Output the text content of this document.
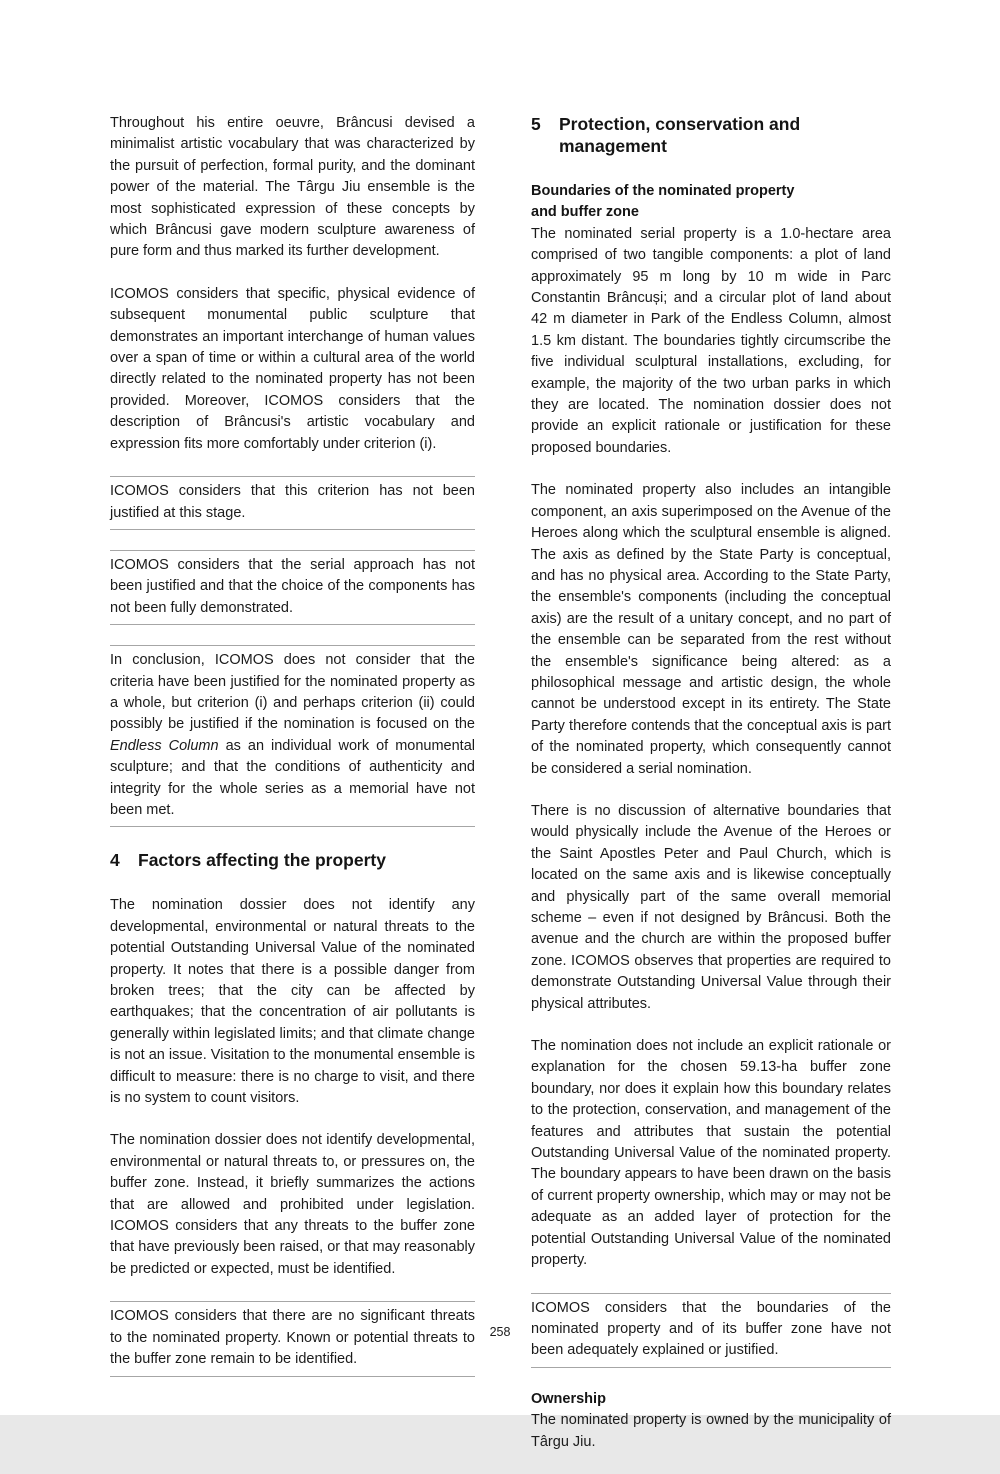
Throughout his entire oeuvre, Brâncusi devised a minimalist artistic vocabulary that was characterized by the pursuit of perfection, formal purity, and the dominant power of the material. The Târgu Jiu ensemble is the most sophisticated expression of these concepts by which Brâncusi gave modern sculpture awareness of pure form and thus marked its further development.

ICOMOS considers that specific, physical evidence of subsequent monumental public sculpture that demonstrates an important interchange of human values over a span of time or within a cultural area of the world directly related to the nominated property has not been provided. Moreover, ICOMOS considers that the description of Brâncusi's artistic vocabulary and expression fits more comfortably under criterion (i).

ICOMOS considers that this criterion has not been justified at this stage.
ICOMOS considers that the serial approach has not been justified and that the choice of the components has not been fully demonstrated.
In conclusion, ICOMOS does not consider that the criteria have been justified for the nominated property as a whole, but criterion (i) and perhaps criterion (ii) could possibly be justified if the nomination is focused on the Endless Column as an individual work of monumental sculpture; and that the conditions of authenticity and integrity for the whole series as a memorial have not been met.
4	Factors affecting the property

The nomination dossier does not identify any developmental, environmental or natural threats to the potential Outstanding Universal Value of the nominated property. It notes that there is a possible danger from broken trees; that the city can be affected by earthquakes; that the concentration of air pollutants is generally within legislated limits; and that climate change is not an issue. Visitation to the monumental ensemble is difficult to measure: there is no charge to visit, and there is no system to count visitors.

The nomination dossier does not identify developmental, environmental or natural threats to, or pressures on, the buffer zone. Instead, it briefly summarizes the actions that are allowed and prohibited under legislation. ICOMOS considers that any threats to the buffer zone that have previously been raised, or that may reasonably be predicted or expected, must be identified.

ICOMOS considers that there are no significant threats to the nominated property. Known or potential threats to the buffer zone remain to be identified.
5	Protection, conservation and management
Boundaries of the nominated property
and buffer zone

The nominated serial property is a 1.0-hectare area comprised of two tangible components: a plot of land approximately 95 m long by 10 m wide in Parc Constantin Brâncuși; and a circular plot of land about 42 m diameter in Park of the Endless Column, almost 1.5 km distant. The boundaries tightly circumscribe the five individual sculptural installations, excluding, for example, the majority of the two urban parks in which they are located. The nomination dossier does not provide an explicit rationale or justification for these proposed boundaries.

The nominated property also includes an intangible component, an axis superimposed on the Avenue of the Heroes along which the sculptural ensemble is aligned. The axis as defined by the State Party is conceptual, and has no physical area. According to the State Party, the ensemble's components (including the conceptual axis) are the result of a unitary concept, and no part of the ensemble can be separated from the rest without the ensemble's significance being altered: as a philosophical message and artistic design, the whole cannot be understood except in its entirety. The State Party therefore contends that the conceptual axis is part of the nominated property, which consequently cannot be considered a serial nomination.

There is no discussion of alternative boundaries that would physically include the Avenue of the Heroes or the Saint Apostles Peter and Paul Church, which is located on the same axis and is likewise conceptually and physically part of the same overall memorial scheme – even if not designed by Brâncusi. Both the avenue and the church are within the proposed buffer zone. ICOMOS observes that properties are required to demonstrate Outstanding Universal Value through their physical attributes.

The nomination does not include an explicit rationale or explanation for the chosen 59.13-ha buffer zone boundary, nor does it explain how this boundary relates to the protection, conservation, and management of the features and attributes that sustain the potential Outstanding Universal Value of the nominated property. The boundary appears to have been drawn on the basis of current property ownership, which may or may not be adequate as an added layer of protection for the potential Outstanding Universal Value of the nominated property.

ICOMOS considers that the boundaries of the nominated property and of its buffer zone have not been adequately explained or justified.
Ownership

The nominated property is owned by the municipality of Târgu Jiu.

258
